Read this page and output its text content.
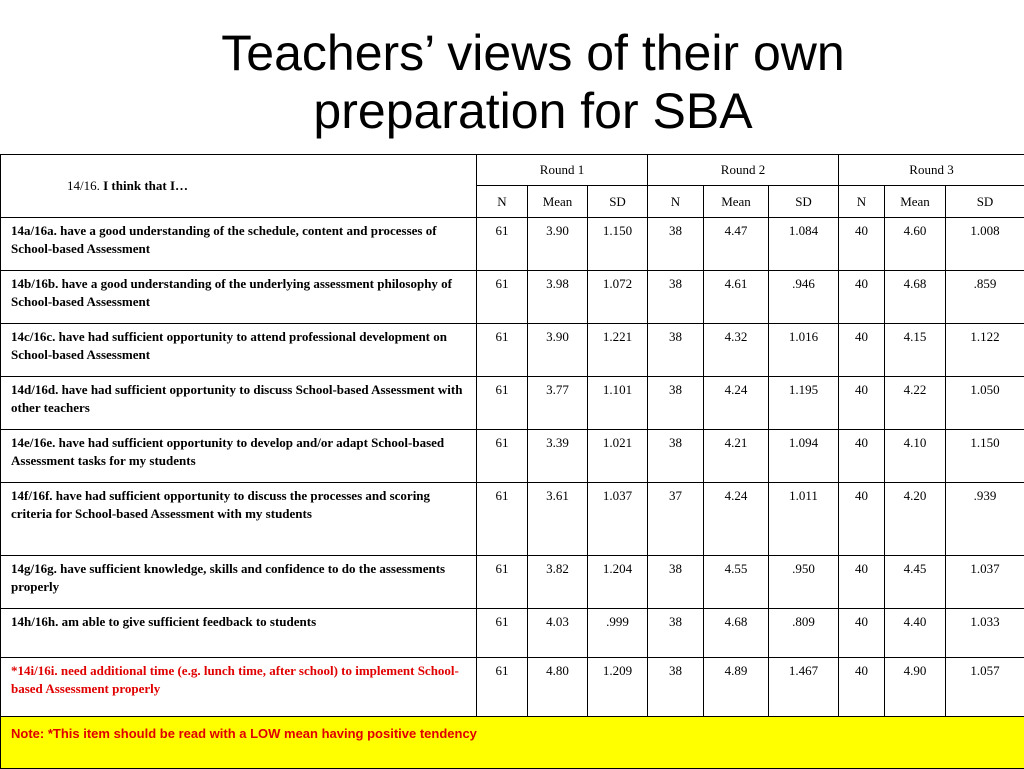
Teachers’ views of their own
preparation for SBA
14/16. I think that I…	Round 1			Round 2			Round 3		
	N	Mean	SD	N	Mean	SD	N	Mean	SD
14a/16a. have a good understanding of the schedule, content and processes of School-based Assessment	61	3.90	1.150	38	4.47	1.084	40	4.60	1.008
14b/16b. have a good understanding of the underlying assessment philosophy of School-based Assessment	61	3.98	1.072	38	4.61	.946	40	4.68	.859
14c/16c. have had sufficient opportunity to attend professional development on School-based Assessment	61	3.90	1.221	38	4.32	1.016	40	4.15	1.122
14d/16d. have had sufficient opportunity to discuss School-based Assessment with other teachers	61	3.77	1.101	38	4.24	1.195	40	4.22	1.050
14e/16e. have had sufficient opportunity to develop and/or adapt School-based Assessment tasks for my students	61	3.39	1.021	38	4.21	1.094	40	4.10	1.150
14f/16f. have had sufficient opportunity to discuss the processes and scoring criteria for School-based Assessment with my students	61	3.61	1.037	37	4.24	1.011	40	4.20	.939
14g/16g. have sufficient knowledge, skills and confidence to do the assessments properly	61	3.82	1.204	38	4.55	.950	40	4.45	1.037
14h/16h. am able to give sufficient feedback to students	61	4.03	.999	38	4.68	.809	40	4.40	1.033
*14i/16i. need additional time (e.g. lunch time, after school) to implement School-based Assessment properly	61	4.80	1.209	38	4.89	1.467	40	4.90	1.057
Note: *This item should be read with a LOW mean having positive tendency									
